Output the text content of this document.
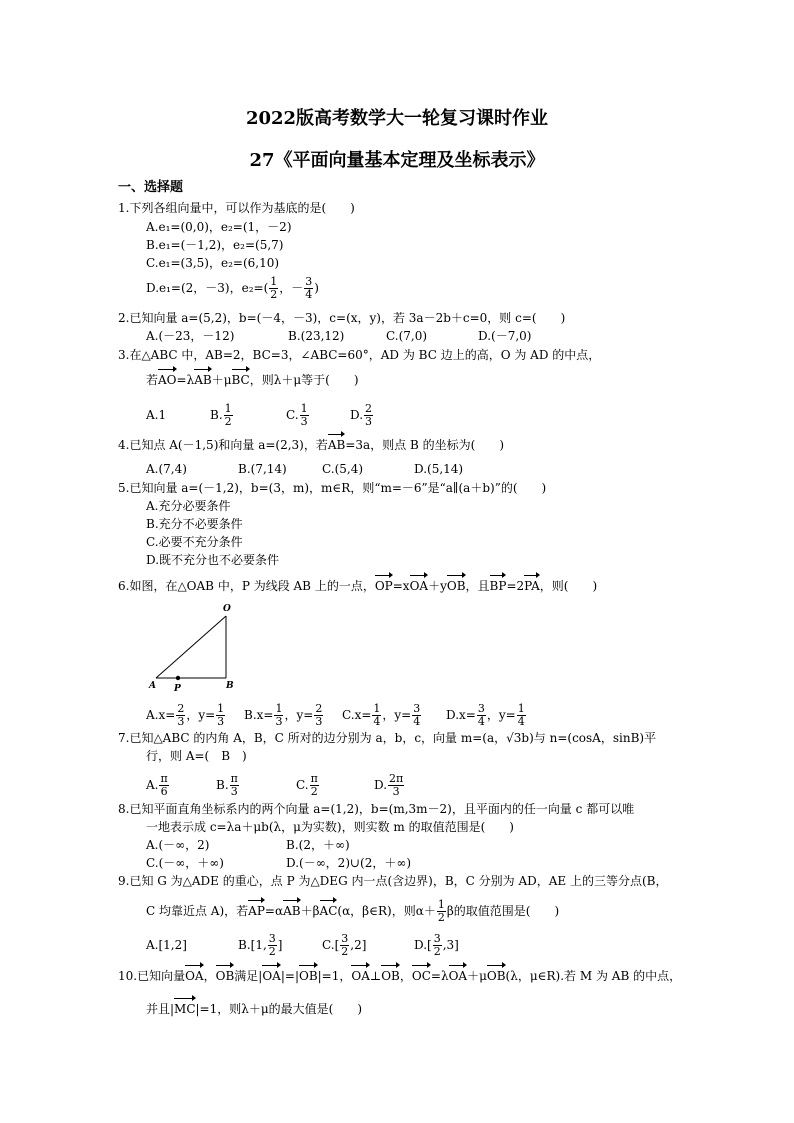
2022版高考数学大一轮复习课时作业
27《平面向量基本定理及坐标表示》
一、选择题
1.下列各组向量中，可以作为基底的是(　　)
A.e₁=(0,0)，e₂=(1，－2)
B.e₁=(－1,2)，e₂=(5,7)
C.e₁=(3,5)，e₂=(6,10)
D.e₁=(2，－3)，$e_2=( \frac{1}{2}$ ，－ $\frac{3}{4}$ )
2.已知向量 a=(5,2)，b=(－4，－3)，c=(x，y)，若 3a－2b＋c=0，则 c=(　　)
A.(－23，－12)	B.(23,12)	C.(7,0)	D.(－7,0)
3.在△ABC 中，AB=2，BC=3，∠ABC=60°，AD 为 BC 边上的高，O 为 AD 的中点，
若AO=λAB＋μBC，则λ＋μ等于(　　)
A.1	B. $\frac{1}{2}$	C. $\frac{1}{3}$	D. $\frac{2}{3}$
4.已知点 A(－1,5)和向量 a=(2,3)，若AB=3a，则点 B 的坐标为(　　)
A.(7,4)	B.(7,14)	C.(5,4)	D.(5,14)
5.已知向量 a=(－1,2)，b=(3，m)，m∈R，则“m=－6”是“a∥(a＋b)”的(　　)
A.充分必要条件
B.充分不必要条件
C.必要不充分条件
D.既不充分也不必要条件
6.如图，在△OAB 中，P 为线段 AB 上的一点，OP=xOA＋yOB，且BP=2PA，则(　　)
O
A P	B
$A.x= \frac{2}{3}$ ，$y= \frac{1}{3} B.x= \frac{1}{3}$ ，$y= \frac{2}{3} C.x= \frac{1}{4}$ ，$y= \frac{3}{4} D.x= \frac{3}{4}$ ，$y= \frac{1}{4}$
7.已知△ABC 的内角 A，B，C 所对的边分别为 a，b，c，向量 m=(a，√3b)与 n=(cosA，sinB)平
行，则 A=(　B　)
A. $\frac{\pi}{6}$	B. $\frac{\pi}{3}$	C. $\frac{\pi}{2}$	D. $\frac{2\pi}{3}$
8.已知平面直角坐标系内的两个向量 a=(1,2)，b=(m,3m－2)，且平面内的任一向量 c 都可以唯
一地表示成 c=λa＋μb(λ，μ为实数)，则实数 m 的取值范围是(　　)
A.(－∞，2)	B.(2，＋∞)
C.(－∞，＋∞)	D.(－∞，2)∪(2，＋∞)
9.已知 G 为△ADE 的重心，点 P 为△DEG 内一点(含边界)，B，C 分别为 AD，AE 上的三等分点(B，
C 均靠近点 A)，若AP=αAB＋βAC(α，β∈R)，则$\alpha+ \frac{1}{2}$ β的取值范围是(　　)
A.[1,2]	B.[1, $\frac{3}{2}$ ]	$C.[ \frac{3}{2} ,2]$	$D.[ \frac{3}{2} ,3]$
10.已知向量OA，OB满足|OA|=|OB|=1，OA⊥OB，OC=λOA＋μOB(λ，μ∈R).若 M 为 AB 的中点，
并且|MC|=1，则λ＋μ的最大值是(　　)
